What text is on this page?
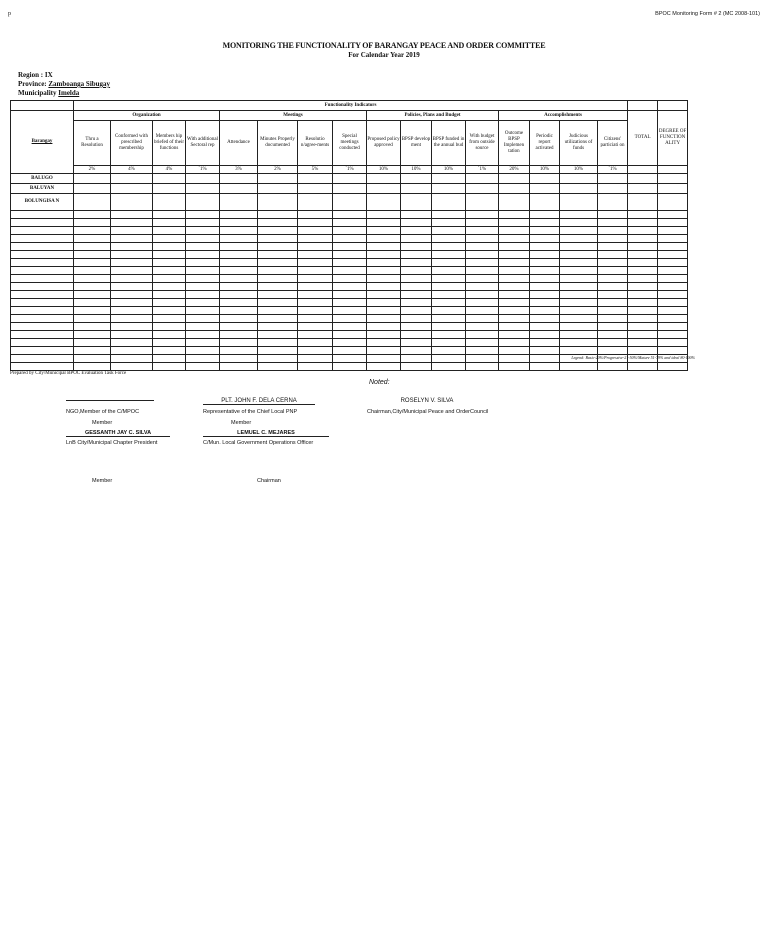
p	BPOC Monitoring Form # 2 (MC 2008-101)
MONITORING THE FUNCTIONALITY OF BARANGAY PEACE AND ORDER COMMITTEE
For Calendar Year 2019
Region : IX
Province: Zamboanga Sibugay
Municipality Imelda
	Functionality Indicators																	
Barangay	Organization				Meetings				Policies, Plans and Budget				Accomplishments				TOTAL	DEGREE OF FUNCTION ALITY
	Thru a Resolution	Conformed with prescribed membership	Members hip briefed of their functions	With additional Sectoral rep	Attendance	Minutes Properly documented	Resolutio n/agree-ments	Special meetings conducted	Proposed policy approved	BPSP develop ment	BPSP funded in the annual bud	With budget from outside source	Outcome BPSP Implemen tation	Periodic report activated	Judicious utilizations of funds	Citizens' particiati on		
	2%	4%	4%	`1%	3%	2%	5%	`1%	10%	10%	10%	`1%	20%	10%	10%	`1%		
BALUGO																		
BALUYAN																		
BOLUNGISA N																		

Legend: Basic-20%/Progressive-21-50%/Mature 51-79% and ideal 80-100%
Prepared by City/Municipal BPOC Evaluation Task Force
Noted:
NGO,Member of the C/MPOC
Member
PLT. JOHN F. DELA CERNA
Representative of the Chief Local PNP
Member
ROSELYN V. SILVA
Chairman,City/Municipal Peace and OrderCouncil
GESSANTH JAY C. SILVA
LnB City/Municipal Chapter President
LEMUEL C. MEJARES
C/Mun. Local Government Operations Officer
Member	Chairman
